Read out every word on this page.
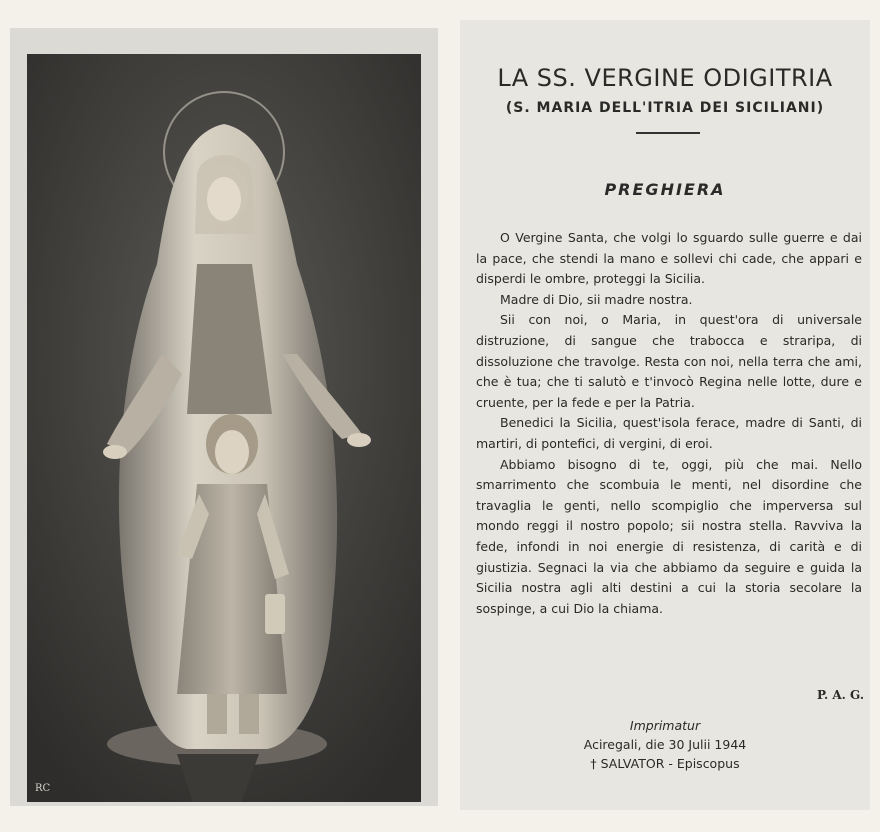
RC
LA SS. VERGINE ODIGITRIA
(S. MARIA DELL'ITRIA DEI SICILIANI)
PREGHIERA

O Vergine Santa, che volgi lo sguardo sulle guerre e dai la pace, che stendi la mano e sollevi chi cade, che appari e disperdi le ombre, proteggi la Sicilia.

Madre di Dio, sii madre nostra.

Sii con noi, o Maria, in quest'ora di universale distruzione, di sangue che trabocca e straripa, di dissoluzione che travolge. Resta con noi, nella terra che ami, che è tua; che ti salutò e t'invocò Regina nelle lotte, dure e cruente, per la fede e per la Patria.

Benedici la Sicilia, quest'isola ferace, madre di Santi, di martiri, di pontefici, di vergini, di eroi.

Abbiamo bisogno di te, oggi, più che mai. Nello smarrimento che scombuia le menti, nel disordine che travaglia le genti, nello scompiglio che imperversa sul mondo reggi il nostro popolo; sii nostra stella. Ravviva la fede, infondi in noi energie di resistenza, di carità e di giustizia. Segnaci la via che abbiamo da seguire e guida la Sicilia nostra agli alti destini a cui la storia secolare la sospinge, a cui Dio la chiama.

P. A. G.
Imprimatur
Aciregali, die 30 Julii 1944
† SALVATOR - Episcopus
